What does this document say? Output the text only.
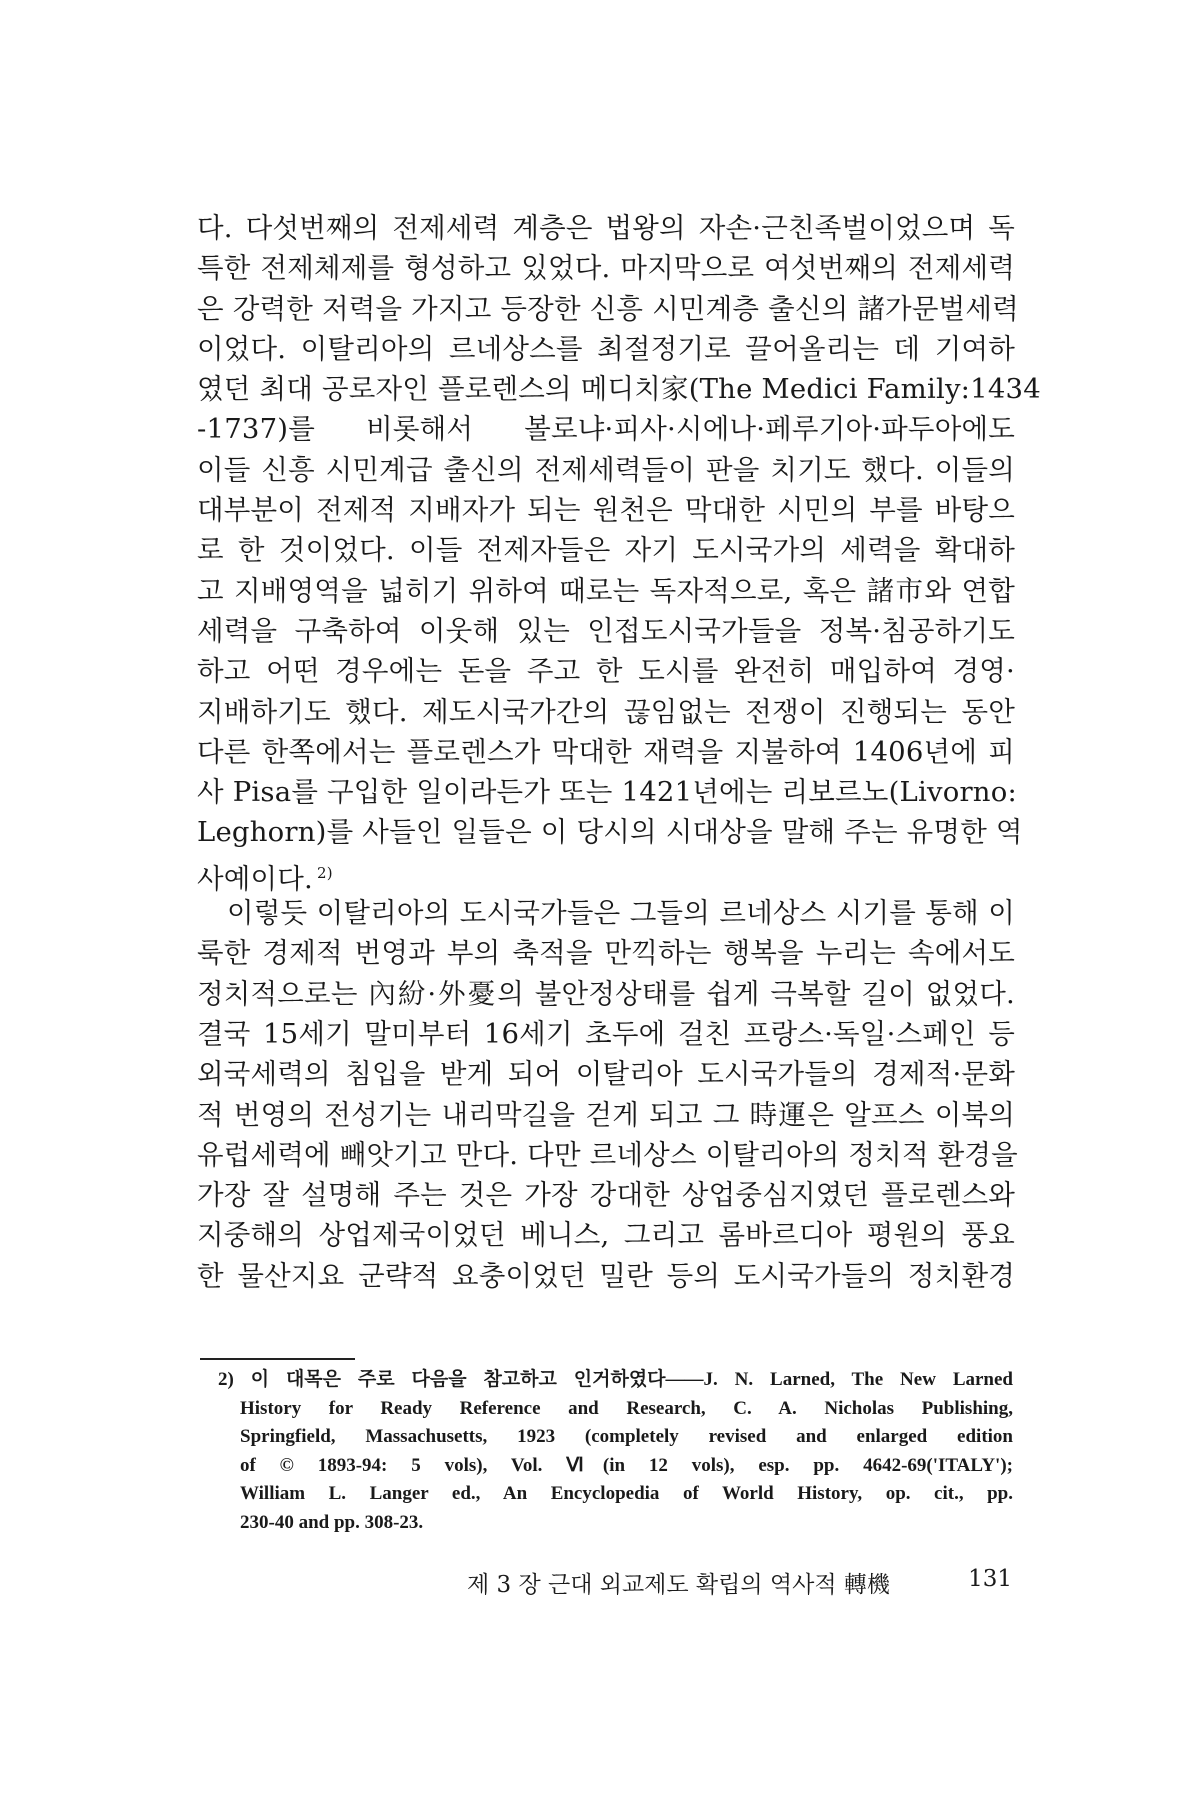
다. 다섯번째의 전제세력 계층은 법왕의 자손·근친족벌이었으며 독
특한 전제체제를 형성하고 있었다. 마지막으로 여섯번째의 전제세력
은 강력한 저력을 가지고 등장한 신흥 시민계층 출신의 諸가문벌세력
이었다. 이탈리아의 르네상스를 최절정기로 끌어올리는 데 기여하
였던 최대 공로자인 플로렌스의 메디치家(The Medici Family:1434
-1737)를 비롯해서 볼로냐·피사·시에나·페루기아·파두아에도
이들 신흥 시민계급 출신의 전제세력들이 판을 치기도 했다. 이들의
대부분이 전제적 지배자가 되는 원천은 막대한 시민의 부를 바탕으
로 한 것이었다. 이들 전제자들은 자기 도시국가의 세력을 확대하
고 지배영역을 넓히기 위하여 때로는 독자적으로, 혹은 諸市와 연합
세력을 구축하여 이웃해 있는 인접도시국가들을 정복·침공하기도
하고 어떤 경우에는 돈을 주고 한 도시를 완전히 매입하여 경영·
지배하기도 했다. 제도시국가간의 끊임없는 전쟁이 진행되는 동안
다른 한쪽에서는 플로렌스가 막대한 재력을 지불하여 1406년에 피
사 Pisa를 구입한 일이라든가 또는 1421년에는 리보르노(Livorno:
Leghorn)를 사들인 일들은 이 당시의 시대상을 말해 주는 유명한 역
사예이다. $^{2)}$
이렇듯 이탈리아의 도시국가들은 그들의 르네상스 시기를 통해 이
룩한 경제적 번영과 부의 축적을 만끽하는 행복을 누리는 속에서도
정치적으로는 內紛·外憂의 불안정상태를 쉽게 극복할 길이 없었다.
결국 15세기 말미부터 16세기 초두에 걸친 프랑스·독일·스페인 등
외국세력의 침입을 받게 되어 이탈리아 도시국가들의 경제적·문화
적 번영의 전성기는 내리막길을 걷게 되고 그 時運은 알프스 이북의
유럽세력에 빼앗기고 만다. 다만 르네상스 이탈리아의 정치적 환경을
가장 잘 설명해 주는 것은 가장 강대한 상업중심지였던 플로렌스와
지중해의 상업제국이었던 베니스, 그리고 롬바르디아 평원의 풍요
한 물산지요 군략적 요충이었던 밀란 등의 도시국가들의 정치환경
2) 이 대목은 주로 다음을 참고하고 인거하였다——J. N. Larned, The New Larned
History for Ready Reference and Research, C. A. Nicholas Publishing,
Springfield, Massachusetts, 1923 (completely revised and enlarged edition
of © 1893-94: 5 vols), Vol. Ⅵ(in 12 vols), esp. pp. 4642-69('ITALY');
William L. Langer ed., An Encyclopedia of World History, op. cit., pp.
230-40 and pp. 308-23.
제 3 장 근대 외교제도 확립의 역사적 轉機	131
